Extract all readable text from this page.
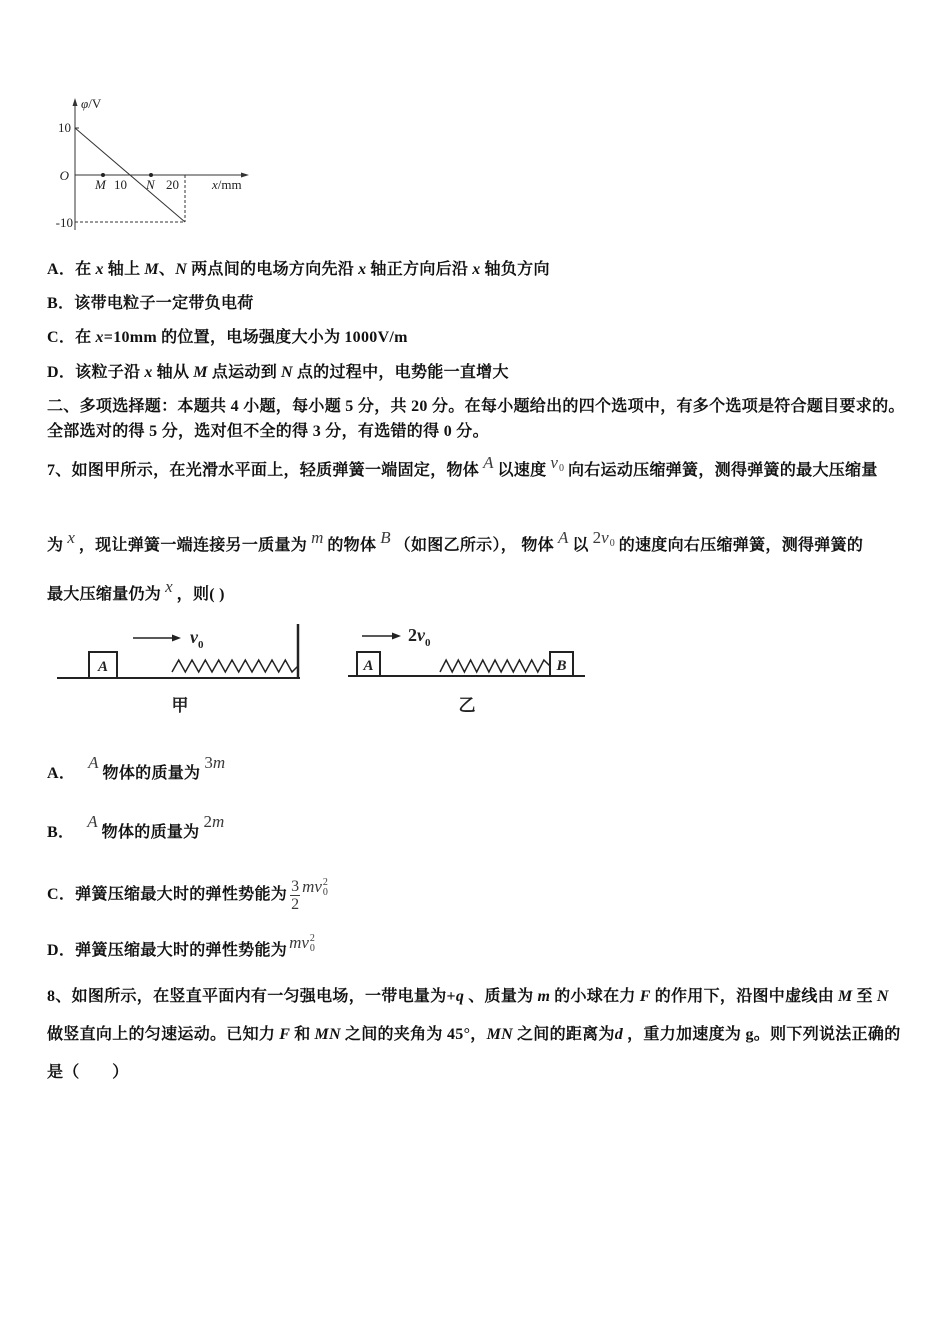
φ/V
10
O
-10
M 10 N 20	x/mm
A．在 x 轴上 M、N 两点间的电场方向先沿 x 轴正方向后沿 x 轴负方向
B．该带电粒子一定带负电荷
C．在 x=10mm 的位置，电场强度大小为 1000V/m
D．该粒子沿 x 轴从 M 点运动到 N 点的过程中，电势能一直增大
二、多项选择题：本题共 4 小题，每小题 5 分，共 20 分。在每小题给出的四个选项中，有多个选项是符合题目要求的。
全部选对的得 5 分，选对但不全的得 3 分，有选错的得 0 分。
7、如图甲所示，在光滑水平面上，轻质弹簧一端固定，物体 A 以速度 v0 向右运动压缩弹簧，测得弹簧的最大压缩量
为 x ，现让弹簧一端连接另一质量为 m 的物体 B （如图乙所示）， 物体 A 以 2v0 的速度向右压缩弹簧，测得弹簧的
最大压缩量仍为 x ，则( )
A
$v_0$
甲
A
$2v_0$
B
乙
A．A物体的质量为3m
B．A物体的质量为2m
C．弹簧压缩最大时的弹性势能为 $\frac{3}{2}$ mv 2
0
D．弹簧压缩最大时的弹性势能为 mv 2
0
8、如图所示，在竖直平面内有一匀强电场，一带电量为+q 、质量为 m 的小球在力 F 的作用下，沿图中虚线由 M 至 N
做竖直向上的匀速运动。已知力 F 和 MN 之间的夹角为 45°，MN 之间的距离为d ，重力加速度为 g。则下列说法正确的
是（　　）
